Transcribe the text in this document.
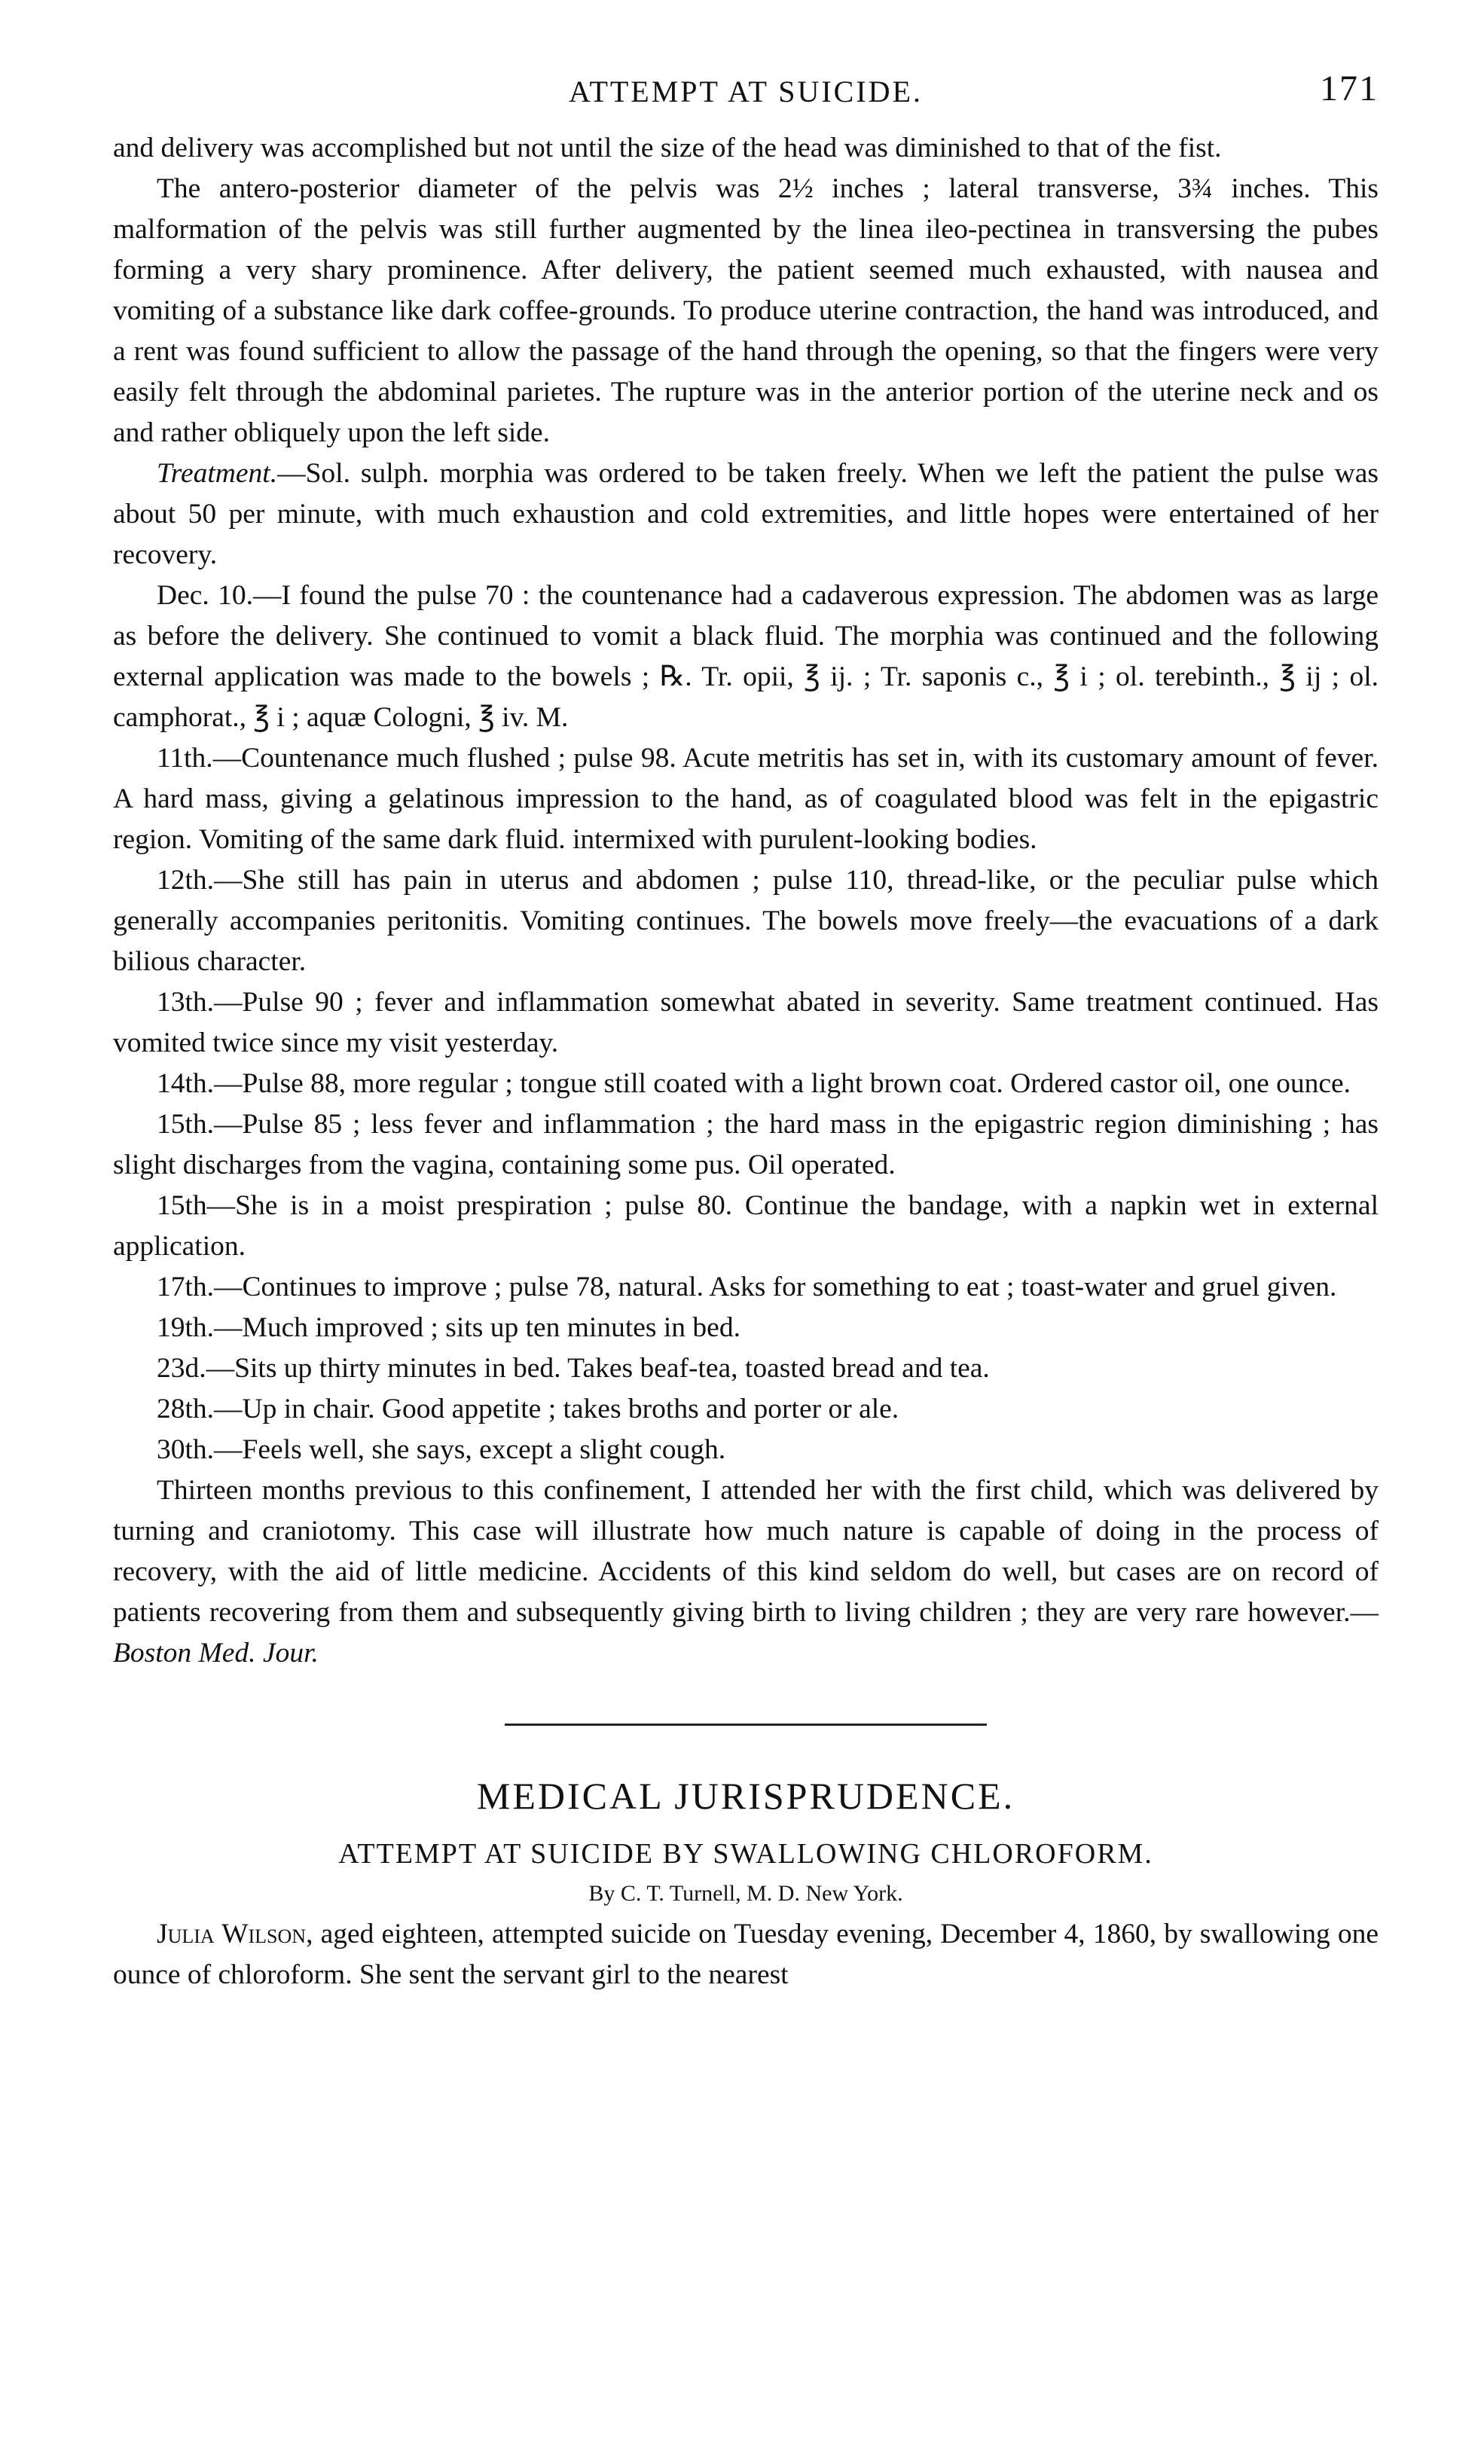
ATTEMPT AT SUICIDE.	171

and delivery was accomplished but not until the size of the head was diminished to that of the fist.

The antero-posterior diameter of the pelvis was 2½ inches ; lateral transverse, 3¾ inches. This malformation of the pelvis was still further augmented by the linea ileo-pectinea in transversing the pubes forming a very shary prominence. After delivery, the patient seemed much exhausted, with nausea and vomiting of a substance like dark coffee-grounds. To produce uterine contraction, the hand was introduced, and a rent was found sufficient to allow the passage of the hand through the opening, so that the fingers were very easily felt through the abdominal parietes. The rupture was in the anterior portion of the uterine neck and os and rather obliquely upon the left side.

Treatment.—Sol. sulph. morphia was ordered to be taken freely. When we left the patient the pulse was about 50 per minute, with much exhaustion and cold extremities, and little hopes were entertained of her recovery.

Dec. 10.—I found the pulse 70 : the countenance had a cadaverous expression. The abdomen was as large as before the delivery. She continued to vomit a black fluid. The morphia was continued and the following external application was made to the bowels ; ℞. Tr. opii, ℥ ij. ; Tr. saponis c., ℥ i ; ol. terebinth., ℥ ij ; ol. camphorat., ℥ i ; aquæ Cologni, ℥ iv. M.

11th.—Countenance much flushed ; pulse 98. Acute metritis has set in, with its customary amount of fever. A hard mass, giving a gelatinous impression to the hand, as of coagulated blood was felt in the epigastric region. Vomiting of the same dark fluid. intermixed with purulent-looking bodies.

12th.—She still has pain in uterus and abdomen ; pulse 110, thread-like, or the peculiar pulse which generally accompanies peritonitis. Vomiting continues. The bowels move freely—the evacuations of a dark bilious character.

13th.—Pulse 90 ; fever and inflammation somewhat abated in severity. Same treatment continued. Has vomited twice since my visit yesterday.

14th.—Pulse 88, more regular ; tongue still coated with a light brown coat. Ordered castor oil, one ounce.

15th.—Pulse 85 ; less fever and inflammation ; the hard mass in the epigastric region diminishing ; has slight discharges from the vagina, containing some pus. Oil operated.

15th—She is in a moist prespiration ; pulse 80. Continue the bandage, with a napkin wet in external application.

17th.—Continues to improve ; pulse 78, natural. Asks for something to eat ; toast-water and gruel given.

19th.—Much improved ; sits up ten minutes in bed.

23d.—Sits up thirty minutes in bed. Takes beaf-tea, toasted bread and tea.

28th.—Up in chair. Good appetite ; takes broths and porter or ale.

30th.—Feels well, she says, except a slight cough.

Thirteen months previous to this confinement, I attended her with the first child, which was delivered by turning and craniotomy. This case will illustrate how much nature is capable of doing in the process of recovery, with the aid of little medicine. Accidents of this kind seldom do well, but cases are on record of patients recovering from them and subsequently giving birth to living children ; they are very rare however.—Boston Med. Jour.

MEDICAL JURISPRUDENCE.
ATTEMPT AT SUICIDE BY SWALLOWING CHLOROFORM.
By C. T. Turnell, M. D. New York.

Julia Wilson, aged eighteen, attempted suicide on Tuesday evening, December 4, 1860, by swallowing one ounce of chloroform. She sent the servant girl to the nearest
